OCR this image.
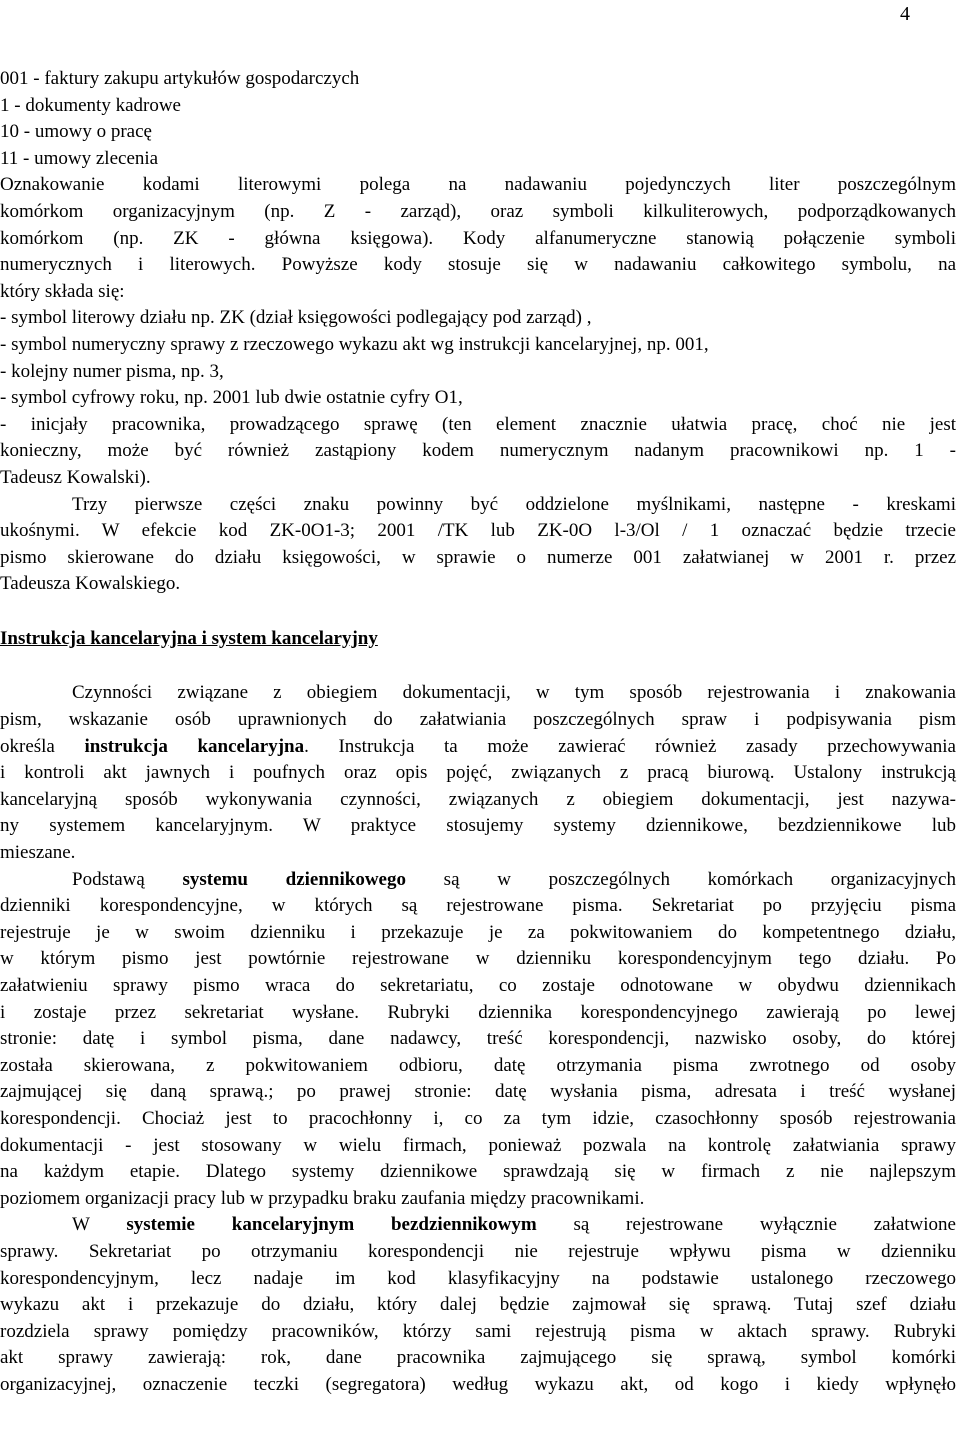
4
001 - faktury zakupu artykułów gospodarczych
1 - dokumenty kadrowe
10 - umowy o pracę
11 - umowy zlecenia
Oznakowanie kodami literowymi polega na nadawaniu pojedynczych liter poszczególnym
komórkom organizacyjnym (np. Z - zarząd), oraz symboli kilkuliterowych, podporządkowanych
komórkom (np. ZK - główna księgowa). Kody alfanumeryczne stanowią połączenie symboli
numerycznych i literowych. Powyższe kody stosuje się w nadawaniu całkowitego symbolu, na
który składa się:
- symbol literowy działu np. ZK (dział księgowości podlegający pod zarząd) ,
- symbol numeryczny sprawy z rzeczowego wykazu akt wg instrukcji kancelaryjnej, np. 001,
- kolejny numer pisma, np. 3,
- symbol cyfrowy roku, np. 2001 lub dwie ostatnie cyfry O1,
- inicjały pracownika, prowadzącego sprawę (ten element znacznie ułatwia pracę, choć nie jest
konieczny, może być również zastąpiony kodem numerycznym nadanym pracownikowi np. 1 -
Tadeusz Kowalski).
Trzy pierwsze części znaku powinny być oddzielone myślnikami, następne - kreskami
ukośnymi. W efekcie kod ZK-0O1-3; 2001 /TK lub ZK-0O l-3/Ol / 1 oznaczać będzie trzecie
pismo skierowane do działu księgowości, w sprawie o numerze 001 załatwianej w 2001 r. przez
Tadeusza Kowalskiego.
Instrukcja kancelaryjna i system kancelaryjny
Czynności związane z obiegiem dokumentacji, w tym sposób rejestrowania i znakowania
pism, wskazanie osób uprawnionych do załatwiania poszczególnych spraw i podpisywania pism
określa instrukcja kancelaryjna. Instrukcja ta może zawierać również zasady przechowywania
i kontroli akt jawnych i poufnych oraz opis pojęć, związanych z pracą biurową. Ustalony instrukcją
kancelaryjną sposób wykonywania czynności, związanych z obiegiem dokumentacji, jest nazywa-
ny systemem kancelaryjnym. W praktyce stosujemy systemy dziennikowe, bezdziennikowe lub
mieszane.
Podstawą systemu dziennikowego są w poszczególnych komórkach organizacyjnych
dzienniki korespondencyjne, w których są rejestrowane pisma. Sekretariat po przyjęciu pisma
rejestruje je w swoim dzienniku i przekazuje je za pokwitowaniem do kompetentnego działu,
w którym pismo jest powtórnie rejestrowane w dzienniku korespondencyjnym tego działu. Po
załatwieniu sprawy pismo wraca do sekretariatu, co zostaje odnotowane w obydwu dziennikach
i zostaje przez sekretariat wysłane. Rubryki dziennika korespondencyjnego zawierają po lewej
stronie: datę i symbol pisma, dane nadawcy, treść korespondencji, nazwisko osoby, do której
została skierowana, z pokwitowaniem odbioru, datę otrzymania pisma zwrotnego od osoby
zajmującej się daną sprawą.; po prawej stronie: datę wysłania pisma, adresata i treść wysłanej
korespondencji. Chociaż jest to pracochłonny i, co za tym idzie, czasochłonny sposób rejestrowania
dokumentacji - jest stosowany w wielu firmach, ponieważ pozwala na kontrolę załatwiania sprawy
na każdym etapie. Dlatego systemy dziennikowe sprawdzają się w firmach z nie najlepszym
poziomem organizacji pracy lub w przypadku braku zaufania między pracownikami.
W systemie kancelaryjnym bezdziennikowym są rejestrowane wyłącznie załatwione
sprawy. Sekretariat po otrzymaniu korespondencji nie rejestruje wpływu pisma w dzienniku
korespondencyjnym, lecz nadaje im kod klasyfikacyjny na podstawie ustalonego rzeczowego
wykazu akt i przekazuje do działu, który dalej będzie zajmował się sprawą. Tutaj szef działu
rozdziela sprawy pomiędzy pracowników, którzy sami rejestrują pisma w aktach sprawy. Rubryki
akt sprawy zawierają: rok, dane pracownika zajmującego się sprawą, symbol komórki
organizacyjnej, oznaczenie teczki (segregatora) według wykazu akt, od kogo i kiedy wpłynęło
